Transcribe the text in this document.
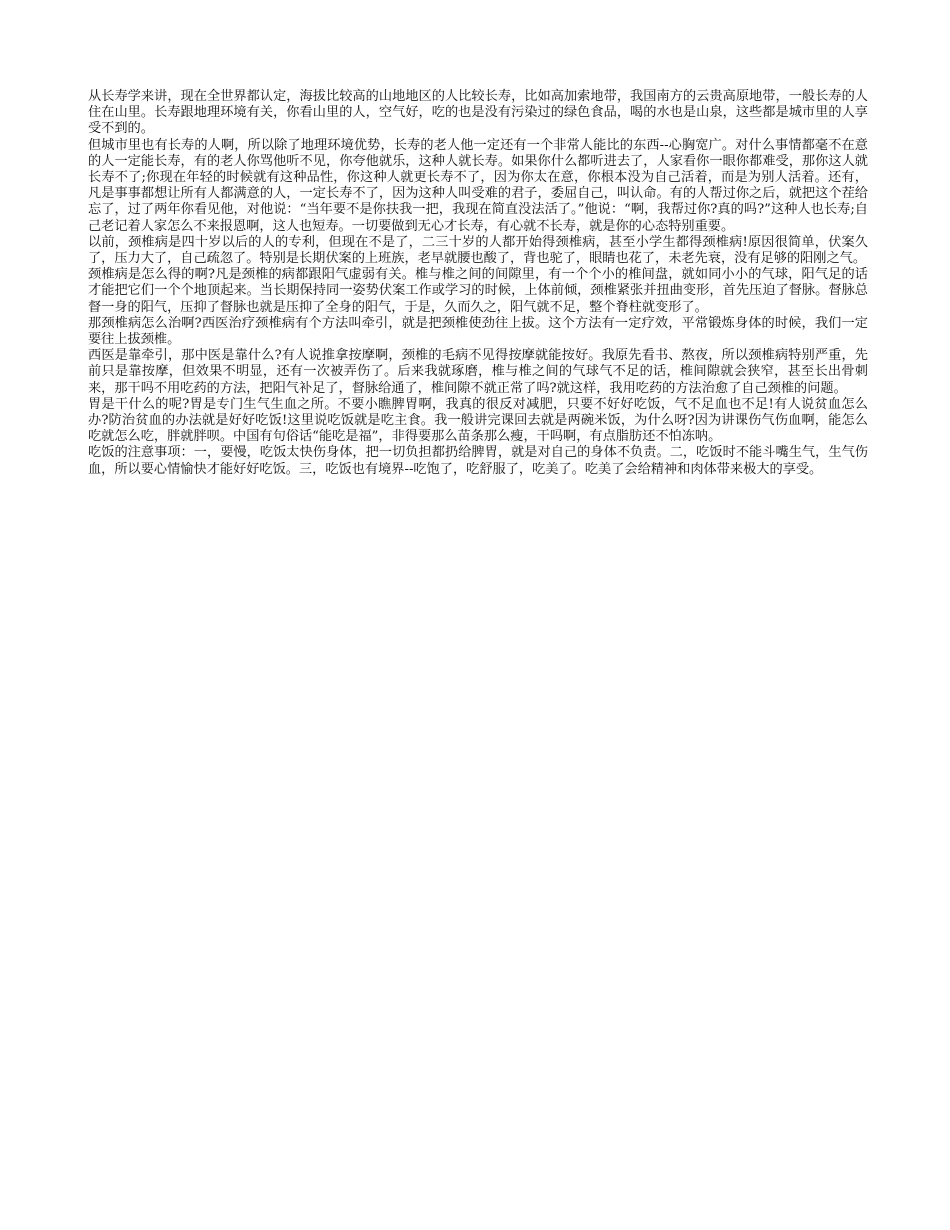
从长寿学来讲，现在全世界都认定，海拔比较高的山地地区的人比较长寿，比如高加索地带，我国南方的云贵高原地带，一般长寿的人住在山里。长寿跟地理环境有关，你看山里的人，空气好，吃的也是没有污染过的绿色食品，喝的水也是山泉，这些都是城市里的人享受不到的。

但城市里也有长寿的人啊，所以除了地理环境优势，长寿的老人他一定还有一个非常人能比的东西--心胸宽广。对什么事情都毫不在意的人一定能长寿，有的老人你骂他听不见，你夸他就乐，这种人就长寿。如果你什么都听进去了，人家看你一眼你都难受，那你这人就长寿不了;你现在年轻的时候就有这种品性，你这种人就更长寿不了，因为你太在意，你根本没为自己活着，而是为别人活着。还有，凡是事事都想让所有人都满意的人，一定长寿不了，因为这种人叫受难的君子，委屈自己，叫认命。有的人帮过你之后，就把这个茬给忘了，过了两年你看见他，对他说：“当年要不是你扶我一把，我现在简直没法活了。”他说：“啊，我帮过你?真的吗?”这种人也长寿;自己老记着人家怎么不来报恩啊，这人也短寿。一切要做到无心才长寿，有心就不长寿，就是你的心态特别重要。

以前，颈椎病是四十岁以后的人的专利，但现在不是了，二三十岁的人都开始得颈椎病，甚至小学生都得颈椎病!原因很简单，伏案久了，压力大了，自己疏忽了。特别是长期伏案的上班族，老早就腰也酸了，背也驼了，眼睛也花了，未老先衰，没有足够的阳刚之气。

颈椎病是怎么得的啊?凡是颈椎的病都跟阳气虚弱有关。椎与椎之间的间隙里，有一个个小的椎间盘，就如同小小的气球，阳气足的话才能把它们一个个地顶起来。当长期保持同一姿势伏案工作或学习的时候，上体前倾，颈椎紧张并扭曲变形，首先压迫了督脉。督脉总督一身的阳气，压抑了督脉也就是压抑了全身的阳气，于是，久而久之，阳气就不足，整个脊柱就变形了。

那颈椎病怎么治啊?西医治疗颈椎病有个方法叫牵引，就是把颈椎使劲往上拔。这个方法有一定疗效，平常锻炼身体的时候，我们一定要往上拔颈椎。

西医是靠牵引，那中医是靠什么?有人说推拿按摩啊，颈椎的毛病不见得按摩就能按好。我原先看书、熬夜，所以颈椎病特别严重，先前只是靠按摩，但效果不明显，还有一次被弄伤了。后来我就琢磨，椎与椎之间的气球气不足的话，椎间隙就会狭窄，甚至长出骨刺来，那干吗不用吃药的方法，把阳气补足了，督脉给通了，椎间隙不就正常了吗?就这样，我用吃药的方法治愈了自己颈椎的问题。

胃是干什么的呢?胃是专门生气生血之所。不要小瞧脾胃啊，我真的很反对减肥，只要不好好吃饭，气不足血也不足!有人说贫血怎么办?防治贫血的办法就是好好吃饭!这里说吃饭就是吃主食。我一般讲完课回去就是两碗米饭，为什么呀?因为讲课伤气伤血啊，能怎么吃就怎么吃，胖就胖呗。中国有句俗话“能吃是福”，非得要那么苗条那么瘦，干吗啊，有点脂肪还不怕冻呐。

吃饭的注意事项：一，要慢，吃饭太快伤身体，把一切负担都扔给脾胃，就是对自己的身体不负责。二，吃饭时不能斗嘴生气，生气伤血，所以要心情愉快才能好好吃饭。三，吃饭也有境界--吃饱了，吃舒服了，吃美了。吃美了会给精神和肉体带来极大的享受。
